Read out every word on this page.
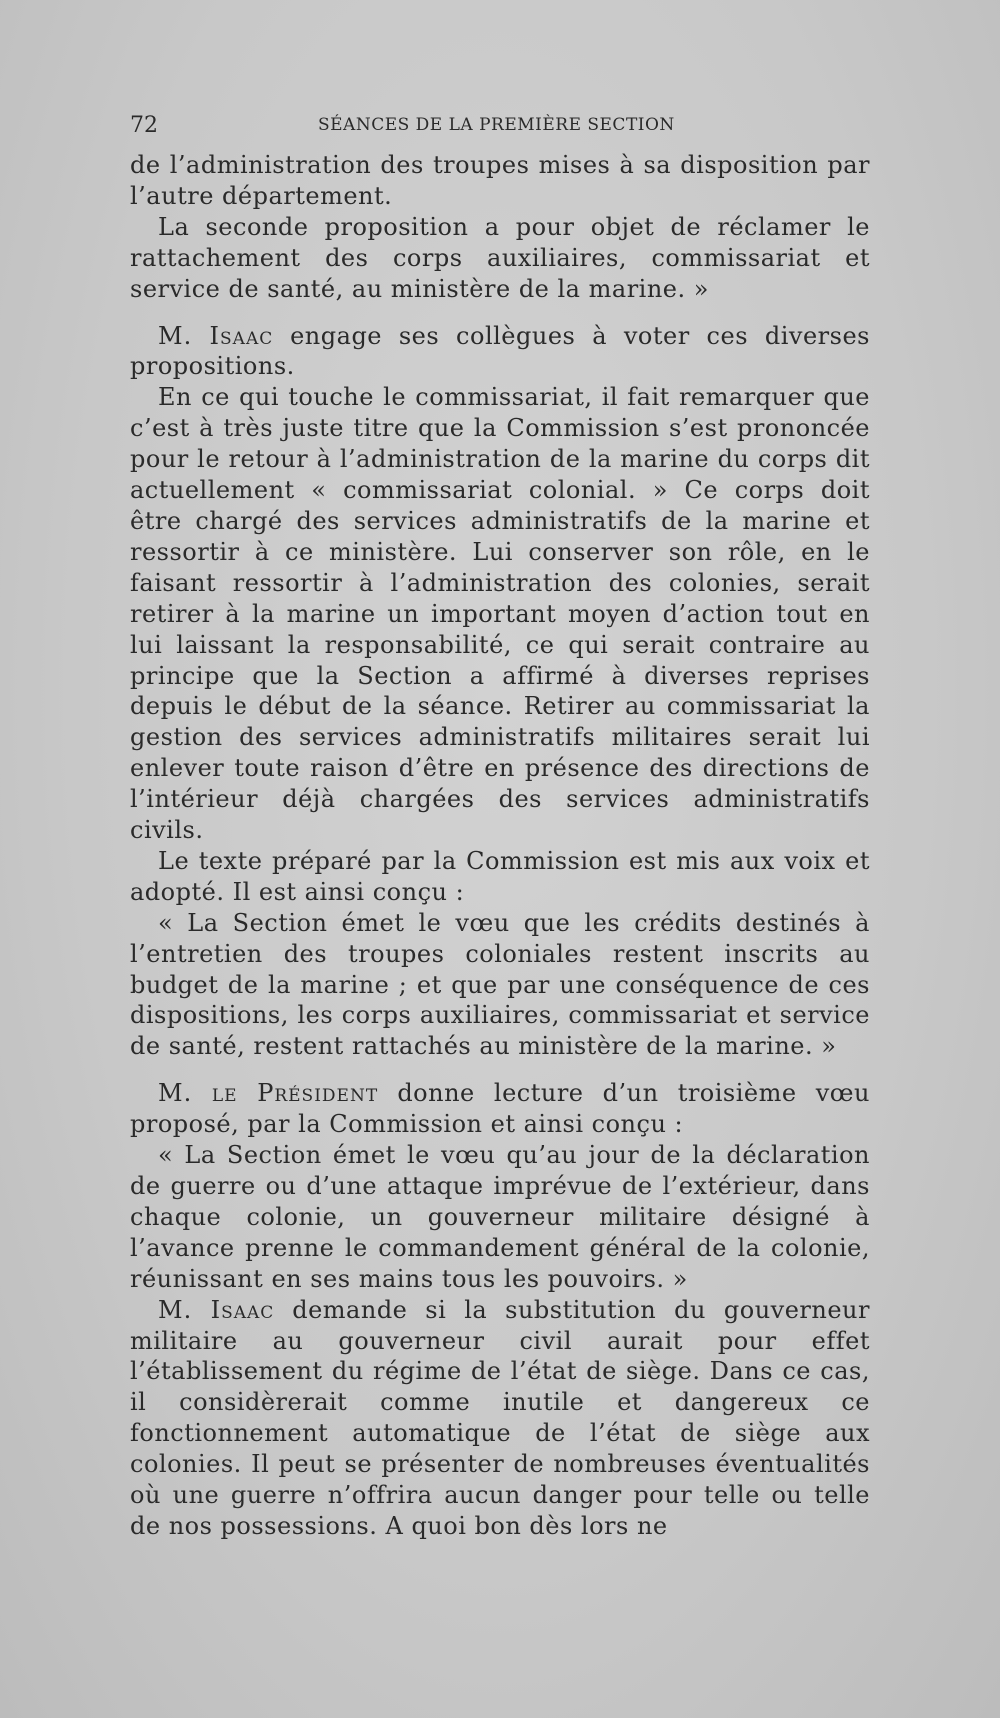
72	SÉANCES DE LA PREMIÈRE SECTION

de l’administration des troupes mises à sa disposition par l’autre département.

La seconde proposition a pour objet de réclamer le rattachement des corps auxiliaires, commissariat et service de santé, au ministère de la marine. »

M. Isaac engage ses collègues à voter ces diverses propositions.

En ce qui touche le commissariat, il fait remarquer que c’est à très juste titre que la Commission s’est prononcée pour le retour à l’administration de la marine du corps dit actuellement « commissariat colonial. » Ce corps doit être chargé des services administratifs de la marine et ressortir à ce ministère. Lui conserver son rôle, en le faisant ressortir à l’administration des colonies, serait retirer à la marine un important moyen d’action tout en lui laissant la responsabilité, ce qui serait contraire au principe que la Section a affirmé à diverses reprises depuis le début de la séance. Retirer au commissariat la gestion des services administratifs militaires serait lui enlever toute raison d’être en présence des directions de l’intérieur déjà chargées des services administratifs civils.

Le texte préparé par la Commission est mis aux voix et adopté. Il est ainsi conçu :

« La Section émet le vœu que les crédits destinés à l’entretien des troupes coloniales restent inscrits au budget de la marine ; et que par une conséquence de ces dispositions, les corps auxiliaires, commissariat et service de santé, restent rattachés au ministère de la marine. »

M. le Président donne lecture d’un troisième vœu proposé, par la Commission et ainsi conçu :

« La Section émet le vœu qu’au jour de la déclaration de guerre ou d’une attaque imprévue de l’extérieur, dans chaque colonie, un gouverneur militaire désigné à l’avance prenne le commandement général de la colonie, réunissant en ses mains tous les pouvoirs. »

M. Isaac demande si la substitution du gouverneur militaire au gouverneur civil aurait pour effet l’établissement du régime de l’état de siège. Dans ce cas, il considèrerait comme inutile et dangereux ce fonctionnement automatique de l’état de siège aux colonies. Il peut se présenter de nombreuses éventualités où une guerre n’offrira aucun danger pour telle ou telle de nos possessions. A quoi bon dès lors ne
